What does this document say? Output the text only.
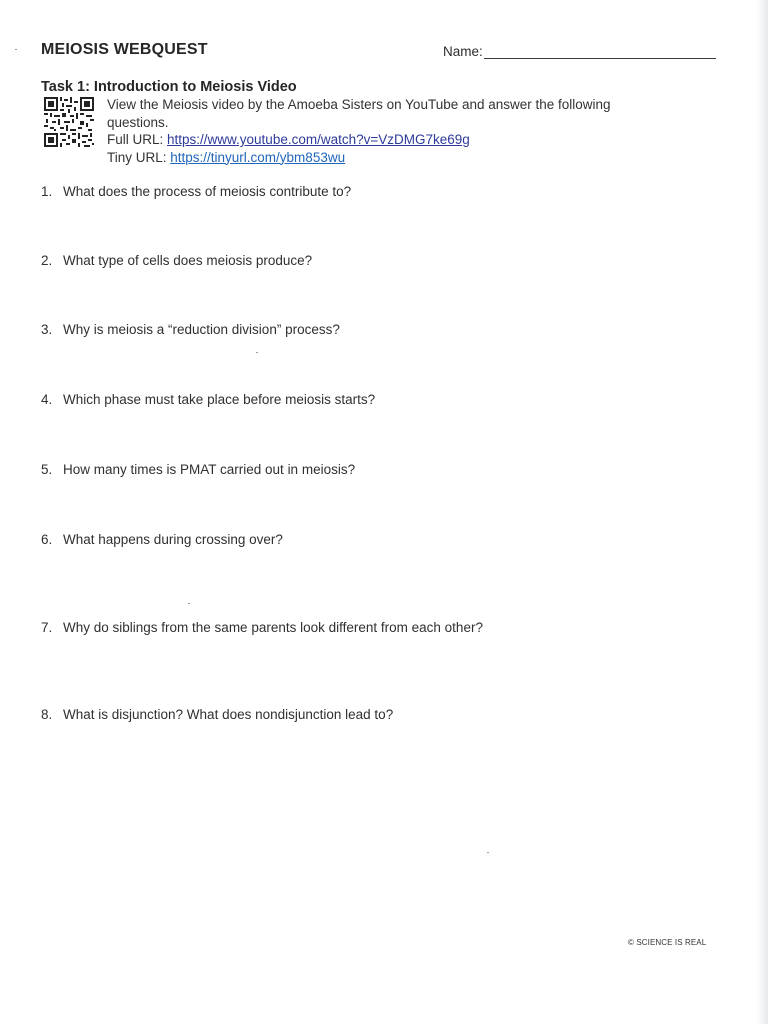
MEIOSIS WEBQUEST	Name:
Task 1: Introduction to Meiosis Video
View the Meiosis video by the Amoeba Sisters on YouTube and answer the following
questions.
Full URL: https://www.youtube.com/watch?v=VzDMG7ke69g
Tiny URL: https://tinyurl.com/ybm853wu
1. What does the process of meiosis contribute to?
2. What type of cells does meiosis produce?
3. Why is meiosis a “reduction division” process?
4. Which phase must take place before meiosis starts?
5. How many times is PMAT carried out in meiosis?
6. What happens during crossing over?
7. Why do siblings from the same parents look different from each other?
8. What is disjunction? What does nondisjunction lead to?
© SCIENCE IS REAL
